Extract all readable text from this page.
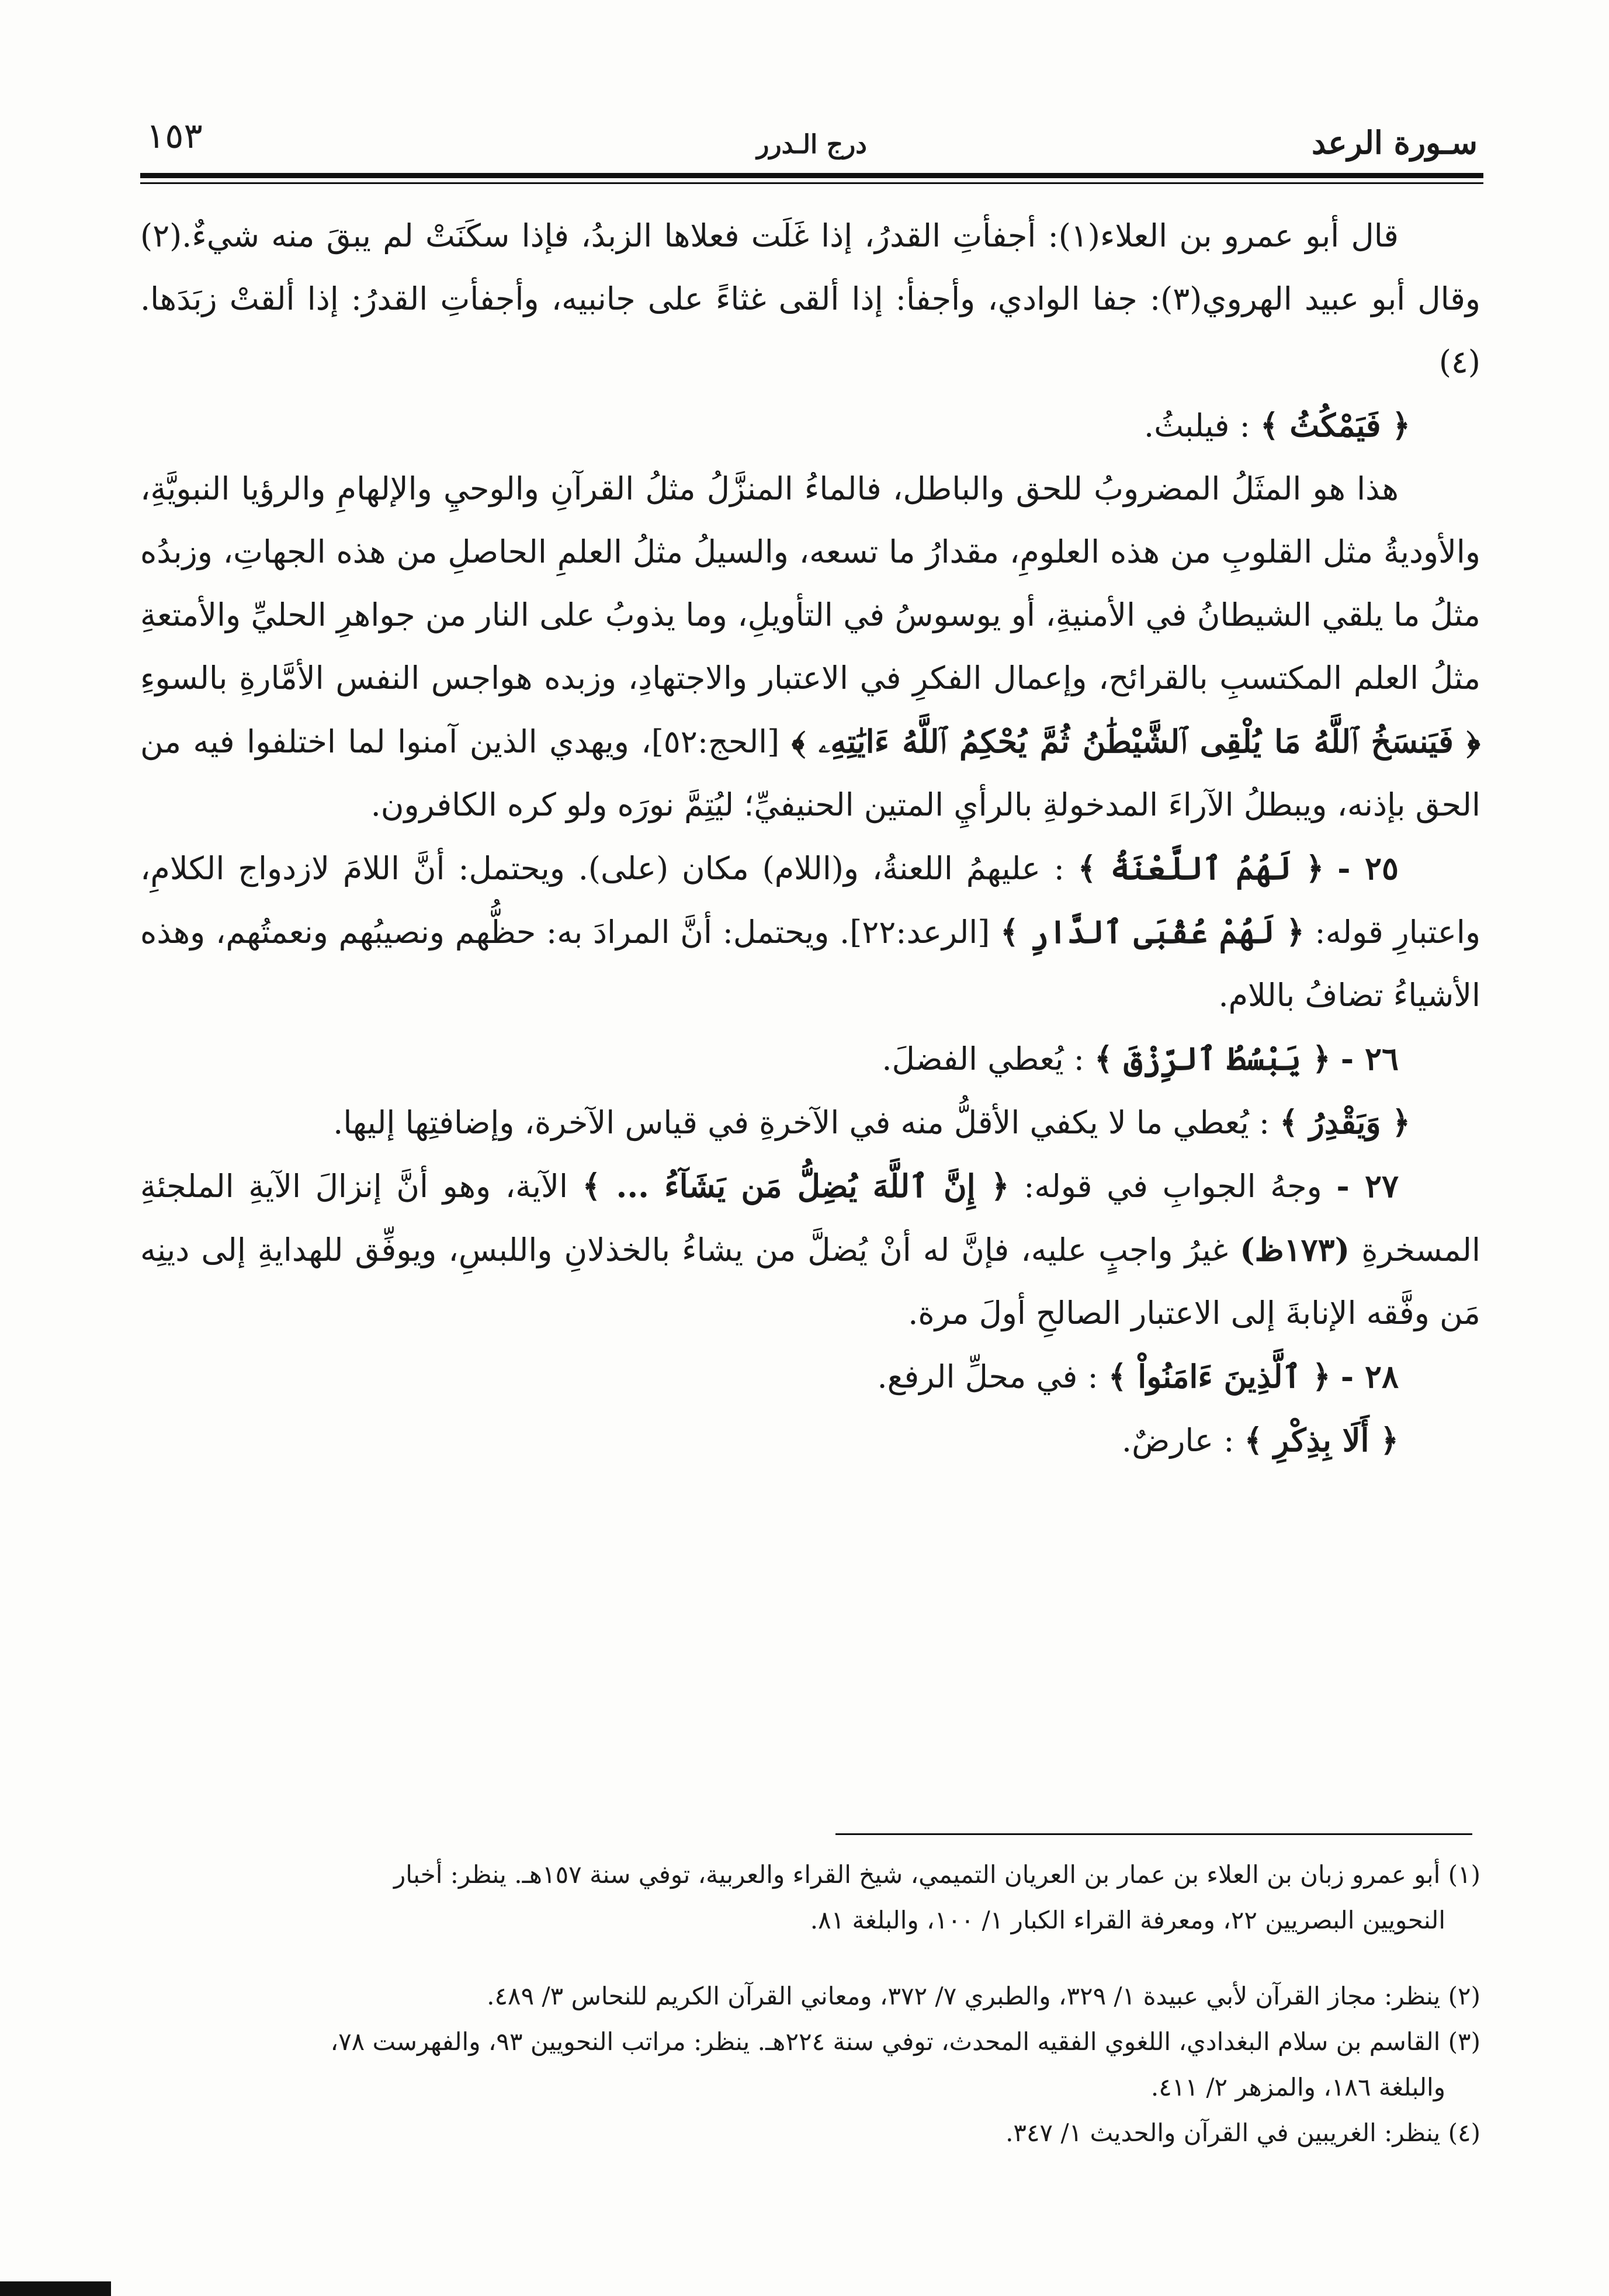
سـورة الرعد
درج الـدرر
١٥٣

قال أبو عمرو بن العلاء(١): أجفأتِ القدرُ، إذا غَلَت فعلاها الزبدُ، فإذا سكَنَتْ لم يبقَ منه شيءٌ.(٢) وقال أبو عبيد الهروي(٣): جفا الوادي، وأجفأ: إذا ألقى غثاءً على جانبيه، وأجفأتِ القدرُ: إذا ألقتْ زبَدَها.(٤)

﴿ فَيَمْكُثُ ﴾ : فيلبثُ.

هذا هو المثَلُ المضروبُ للحق والباطل، فالماءُ المنزَّلُ مثلُ القرآنِ والوحيِ والإلهامِ والرؤيا النبويَّةِ، والأوديةُ مثل القلوبِ من هذه العلومِ، مقدارُ ما تسعه، والسيلُ مثلُ العلمِ الحاصلِ من هذه الجهاتِ، وزبدُه مثلُ ما يلقي الشيطانُ في الأمنيةِ، أو يوسوسُ في التأويلِ، وما يذوبُ على النار من جواهرِ الحليِّ والأمتعةِ مثلُ العلم المكتسبِ بالقرائح، وإعمال الفكرِ في الاعتبار والاجتهادِ، وزبده هواجس النفس الأمَّارةِ بالسوءِ ﴿ فَيَنسَخُ ٱللَّهُ مَا يُلْقِى ٱلشَّيْطَٰنُ ثُمَّ يُحْكِمُ ٱللَّهُ ءَايَٰتِهِۦ ﴾ [الحج:٥٢]، ويهدي الذين آمنوا لما اختلفوا فيه من الحق بإذنه، ويبطلُ الآراءَ المدخولةِ بالرأيِ المتين الحنيفيِّ؛ ليُتِمَّ نورَه ولو كره الكافرون.

٢٥ - ﴿ لَهُمُ ٱللَّعْنَةُ ﴾ : عليهمُ اللعنةُ، و(اللام) مكان (على). ويحتمل: أنَّ اللامَ لازدواج الكلامِ، واعتبارِ قوله: ﴿ لَهُمْ عُقْبَى ٱلدَّارِ ﴾ [الرعد:٢٢]. ويحتمل: أنَّ المرادَ به: حظُّهم ونصيبُهم ونعمتُهم، وهذه الأشياءُ تضافُ باللام.

٢٦ - ﴿ يَبْسُطُ ٱلرِّزْقَ ﴾ : يُعطي الفضلَ.

﴿ وَيَقْدِرُ ﴾ : يُعطي ما لا يكفي الأقلُّ منه في الآخرةِ في قياس الآخرة، وإضافتِها إليها.

٢٧ - وجهُ الجوابِ في قوله: ﴿ إِنَّ ٱللَّهَ يُضِلُّ مَن يَشَآءُ ... ﴾ الآية، وهو أنَّ إنزالَ الآيةِ الملجئةِ المسخرةِ (١٧٣ظ) غيرُ واجبٍ عليه، فإنَّ له أنْ يُضلَّ من يشاءُ بالخذلانِ واللبسِ، ويوفِّق للهدايةِ إلى دينِه مَن وفَّقه الإنابةَ إلى الاعتبار الصالحِ أولَ مرة.

٢٨ - ﴿ ٱلَّذِينَ ءَامَنُواْ ﴾ : في محلِّ الرفع.

﴿ أَلَا بِذِكْرِ ﴾ : عارضٌ.

(١) أبو عمرو زبان بن العلاء بن عمار بن العريان التميمي، شيخ القراء والعربية، توفي سنة ١٥٧هـ. ينظر: أخبار

النحويين البصريين ٢٢، ومعرفة القراء الكبار ١/ ١٠٠، والبلغة ٨١.

(٢) ينظر: مجاز القرآن لأبي عبيدة ١/ ٣٢٩، والطبري ٧/ ٣٧٢، ومعاني القرآن الكريم للنحاس ٣/ ٤٨٩.

(٣) القاسم بن سلام البغدادي، اللغوي الفقيه المحدث، توفي سنة ٢٢٤هـ. ينظر: مراتب النحويين ٩٣، والفهرست ٧٨،

والبلغة ١٨٦، والمزهر ٢/ ٤١١.

(٤) ينظر: الغريبين في القرآن والحديث ١/ ٣٤٧.
